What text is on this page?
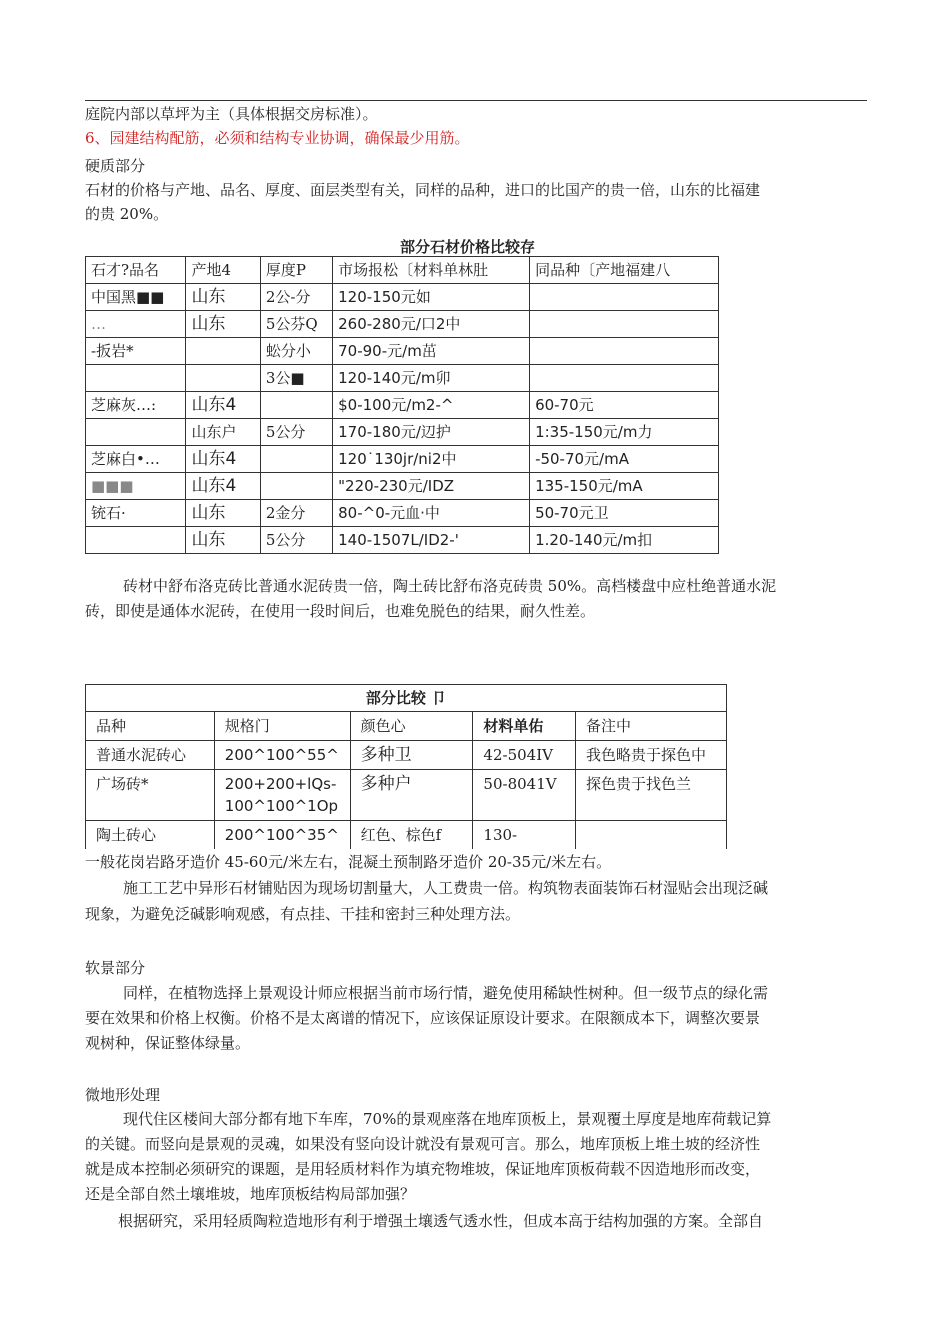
庭院内部以草坪为主（具体根据交房标准）。
6、园建结构配筋，必须和结构专业协调，确保最少用筋。
硬质部分
石材的价格与产地、品名、厚度、面层类型有关，同样的品种，进口的比国产的贵一倍，山东的比福建
的贵 20%。
部分石材价格比较存
石才?品名	产地4	厚度P	市场报松〔材料单林肚	同品种〔产地福建八
中国黑■■	山东	2公-分	120-150元如	
…	山东	5公芬Q	260-280元/口2中	
-扳岩*		蚣分小	70-90-元/m茁	
		3公■	120-140元/m卯	
芝麻灰…:	山东4		$0-100元/m2-^	60-70元
	山东户	5公分	170-180元/辺护	1:35-150元/m力
芝麻白•…	山东4		120˙130jr/ni2中	-50-70元/mA
■■■	山东4		"220-230元/IDZ	135-150元/mA
铳石·	山东	2金分	80-^0-元血·中	50-70元卫
	山东	5公分	140-1507L/ID2-'	1.20-140元/m扣
砖材中舒布洛克砖比普通水泥砖贵一倍，陶土砖比舒布洛克砖贵 50%。高档楼盘中应杜绝普通水泥
砖，即使是通体水泥砖，在使用一段时间后，也难免脱色的结果，耐久性差。
部分比较 卩				
品种	规格门	颜色心	材料单佑	备注中
普通水泥砖心	200^100^55^	多种卫	42-504IV	我色略贵于探色中
广场砖*	200+200+lQs-100^100^1Op	多种户	50-8041V	探色贵于找色兰
陶土砖心	200^100^35^	红色、棕色f	130-	
一般花岗岩路牙造价 45-60元/米左右，混凝土预制路牙造价 20-35元/米左右。
施工工艺中异形石材铺贴因为现场切割量大，人工费贵一倍。构筑物表面装饰石材湿贴会出现泛碱
现象，为避免泛碱影响观感，有点挂、干挂和密封三种处理方法。
软景部分
同样，在植物选择上景观设计师应根据当前市场行情，避免使用稀缺性树种。但一级节点的绿化需
要在效果和价格上权衡。价格不是太离谱的情况下，应该保证原设计要求。在限额成本下，调整次要景
观树种，保证整体绿量。
微地形处理
现代住区楼间大部分都有地下车库，70%的景观座落在地库顶板上，景观覆土厚度是地库荷载记算
的关键。而竖向是景观的灵魂，如果没有竖向设计就没有景观可言。那么，地库顶板上堆土坡的经济性
就是成本控制必须研究的课题，是用轻质材料作为填充物堆坡，保证地库顶板荷载不因造地形而改变，
还是全部自然土壤堆坡，地库顶板结构局部加强？
根据研究，采用轻质陶粒造地形有利于增强土壤透气透水性，但成本高于结构加强的方案。全部自
